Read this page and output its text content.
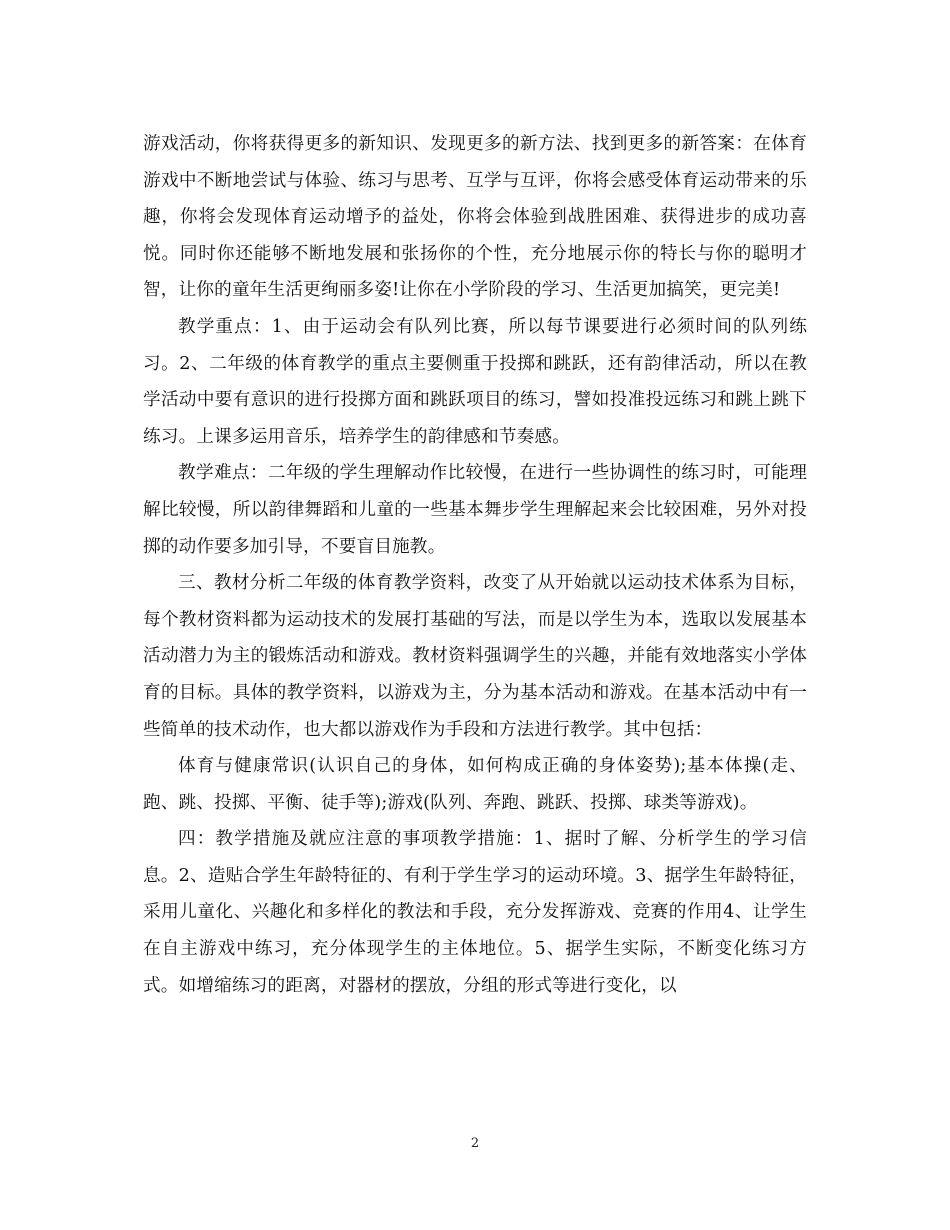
游戏活动，你将获得更多的新知识、发现更多的新方法、找到更多的新答案：在体育游戏中不断地尝试与体验、练习与思考、互学与互评，你将会感受体育运动带来的乐趣，你将会发现体育运动增予的益处，你将会体验到战胜困难、获得进步的成功喜悦。同时你还能够不断地发展和张扬你的个性，充分地展示你的特长与你的聪明才智，让你的童年生活更绚丽多姿!让你在小学阶段的学习、生活更加搞笑，更完美!

教学重点：1、由于运动会有队列比赛，所以每节课要进行必须时间的队列练习。2、二年级的体育教学的重点主要侧重于投掷和跳跃，还有韵律活动，所以在教学活动中要有意识的进行投掷方面和跳跃项目的练习，譬如投准投远练习和跳上跳下练习。上课多运用音乐，培养学生的韵律感和节奏感。

教学难点：二年级的学生理解动作比较慢，在进行一些协调性的练习时，可能理解比较慢，所以韵律舞蹈和儿童的一些基本舞步学生理解起来会比较困难，另外对投掷的动作要多加引导，不要盲目施教。

三、教材分析二年级的体育教学资料，改变了从开始就以运动技术体系为目标，每个教材资料都为运动技术的发展打基础的写法，而是以学生为本，选取以发展基本活动潜力为主的锻炼活动和游戏。教材资料强调学生的兴趣，并能有效地落实小学体育的目标。具体的教学资料，以游戏为主，分为基本活动和游戏。在基本活动中有一些简单的技术动作，也大都以游戏作为手段和方法进行教学。其中包括：

体育与健康常识(认识自己的身体，如何构成正确的身体姿势);基本体操(走、跑、跳、投掷、平衡、徒手等);游戏(队列、奔跑、跳跃、投掷、球类等游戏)。

四：教学措施及就应注意的事项教学措施：1、据时了解、分析学生的学习信息。2、造贴合学生年龄特征的、有利于学生学习的运动环境。3、据学生年龄特征，采用儿童化、兴趣化和多样化的教法和手段，充分发挥游戏、竞赛的作用4、让学生在自主游戏中练习，充分体现学生的主体地位。5、据学生实际，不断变化练习方式。如增缩练习的距离，对器材的摆放，分组的形式等进行变化，以

2
